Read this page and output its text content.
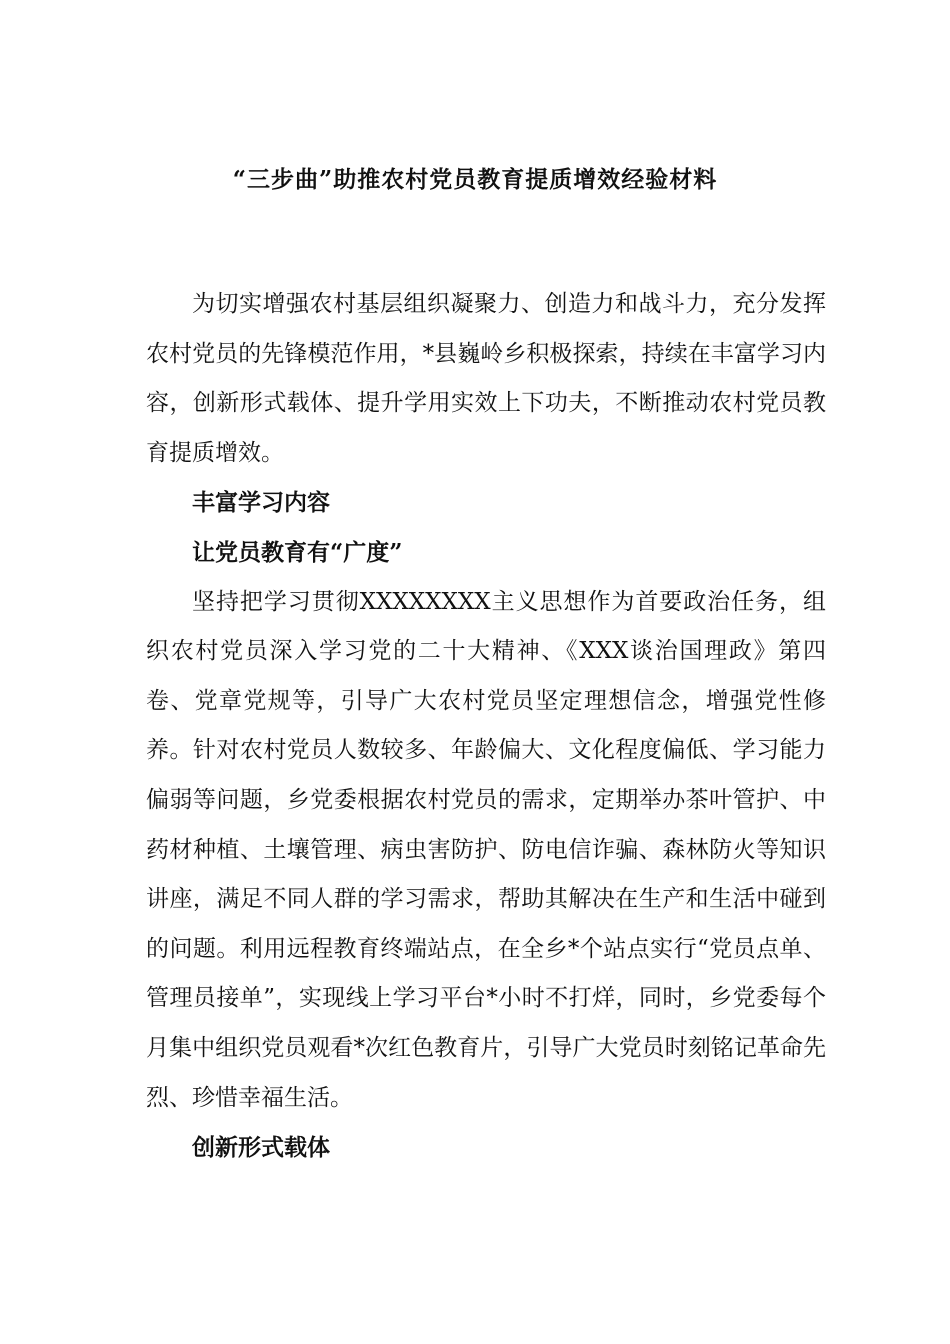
“三步曲”助推农村党员教育提质增效经验材料

为切实增强农村基层组织凝聚力、创造力和战斗力，充分发挥农村党员的先锋模范作用，*县巍岭乡积极探索，持续在丰富学习内容，创新形式载体、提升学用实效上下功夫，不断推动农村党员教育提质增效。

丰富学习内容

让党员教育有“广度”

坚持把学习贯彻XXXXXXXX主义思想作为首要政治任务，组织农村党员深入学习党的二十大精神、《XXX谈治国理政》第四卷、党章党规等，引导广大农村党员坚定理想信念，增强党性修养。针对农村党员人数较多、年龄偏大、文化程度偏低、学习能力偏弱等问题，乡党委根据农村党员的需求，定期举办茶叶管护、中药材种植、土壤管理、病虫害防护、防电信诈骗、森林防火等知识讲座，满足不同人群的学习需求，帮助其解决在生产和生活中碰到的问题。利用远程教育终端站点，在全乡*个站点实行“党员点单、管理员接单”，实现线上学习平台*小时不打烊，同时，乡党委每个月集中组织党员观看*次红色教育片，引导广大党员时刻铭记革命先烈、珍惜幸福生活。

创新形式载体
